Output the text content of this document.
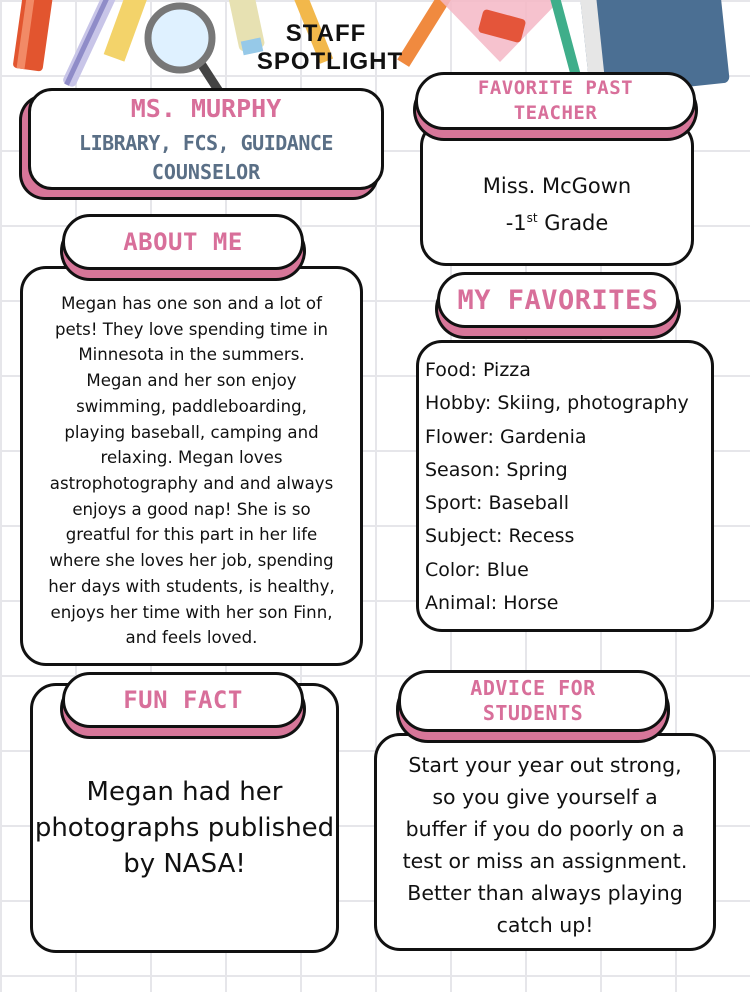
STAFF
SPOTLIGHT
MS. MURPHY
LIBRARY, FCS, GUIDANCE
COUNSELOR
Miss. McGown
-1st Grade
FAVORITE PAST
TEACHER
Megan has one son and a lot of
pets! They love spending time in
Minnesota in the summers.
Megan and her son enjoy
swimming, paddleboarding,
playing baseball, camping and
relaxing. Megan loves
astrophotography and and always
enjoys a good nap! She is so
greatful for this part in her life
where she loves her job, spending
her days with students, is healthy,
enjoys her time with her son Finn,
and feels loved.
ABOUT ME
Food: Pizza
Hobby: Skiing, photography
Flower: Gardenia
Season: Spring
Sport: Baseball
Subject: Recess
Color: Blue
Animal: Horse
MY FAVORITES
Megan had her
photographs published
by NASA!
FUN FACT
Start your year out strong,
so you give yourself a
buffer if you do poorly on a
test or miss an assignment.
Better than always playing
catch up!
ADVICE FOR
STUDENTS
